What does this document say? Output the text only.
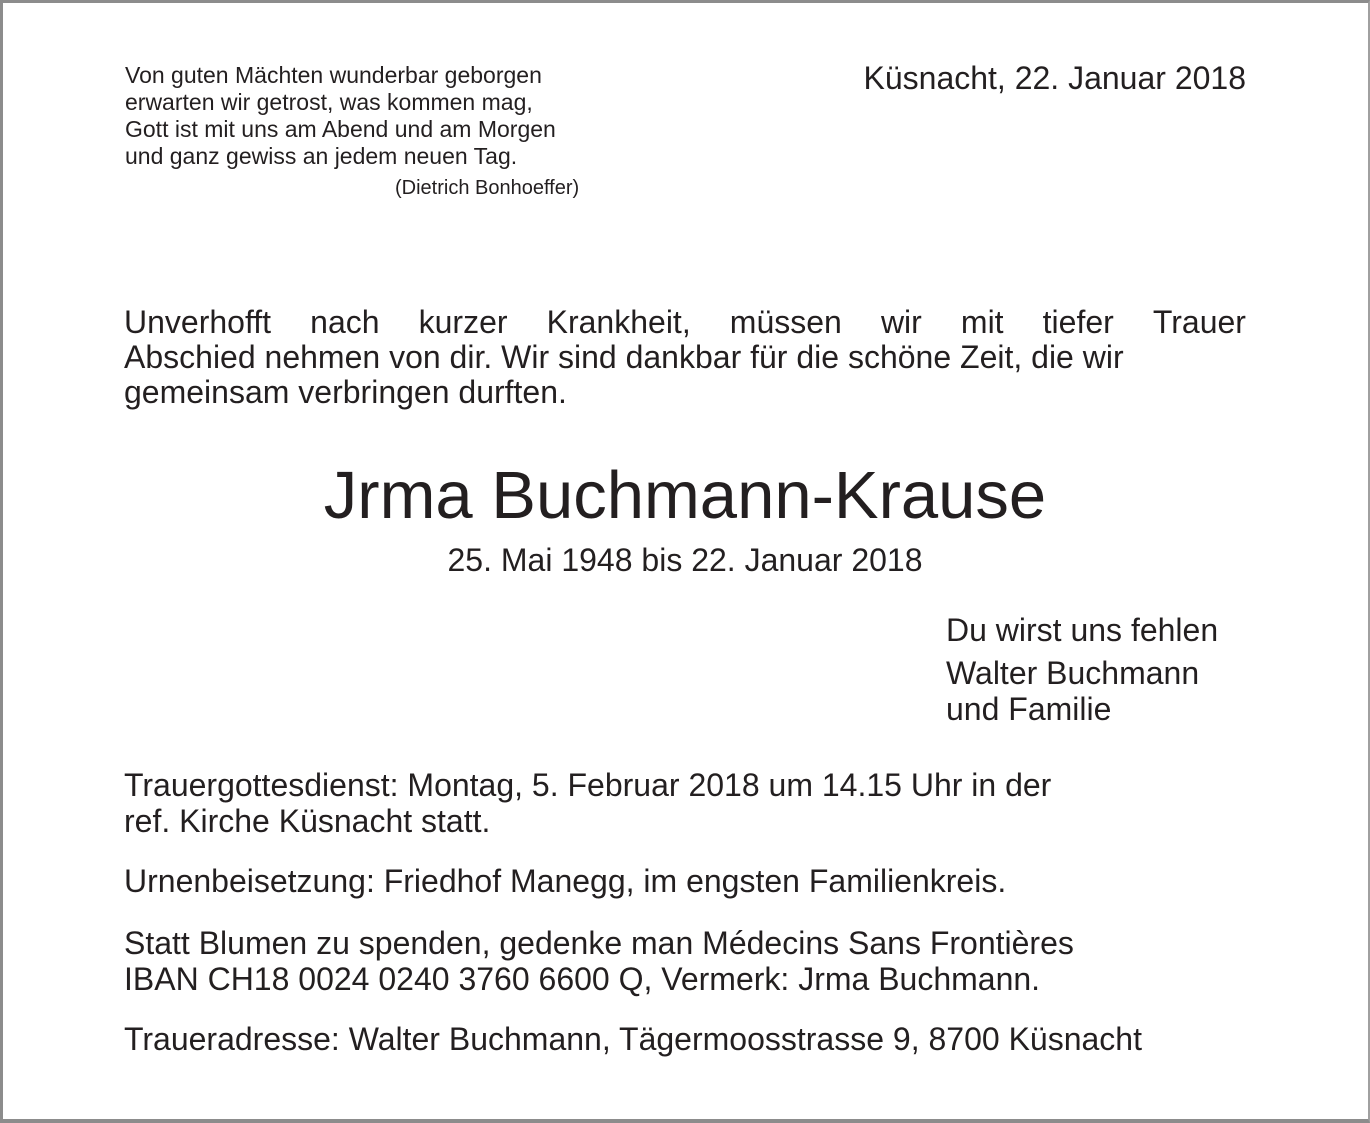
Von guten Mächten wunderbar geborgen
erwarten wir getrost, was kommen mag,
Gott ist mit uns am Abend und am Morgen
und ganz gewiss an jedem neuen Tag.
(Dietrich Bonhoeffer)
Küsnacht, 22. Januar 2018
Unverhofft nach kurzer Krankheit, müssen wir mit tiefer Trauer
Abschied nehmen von dir. Wir sind dankbar für die schöne Zeit, die wir
gemeinsam verbringen durften.
Jrma Buchmann-Krause
25. Mai 1948 bis 22. Januar 2018
Du wirst uns fehlen
Walter Buchmann
und Familie
Trauergottesdienst: Montag, 5. Februar 2018 um 14.15 Uhr in der
ref. Kirche Küsnacht statt.
Urnenbeisetzung: Friedhof Manegg, im engsten Familienkreis.
Statt Blumen zu spenden, gedenke man Médecins Sans Frontières
IBAN CH18 0024 0240 3760 6600 Q, Vermerk: Jrma Buchmann.
Traueradresse: Walter Buchmann, Tägermoosstrasse 9, 8700 Küsnacht
